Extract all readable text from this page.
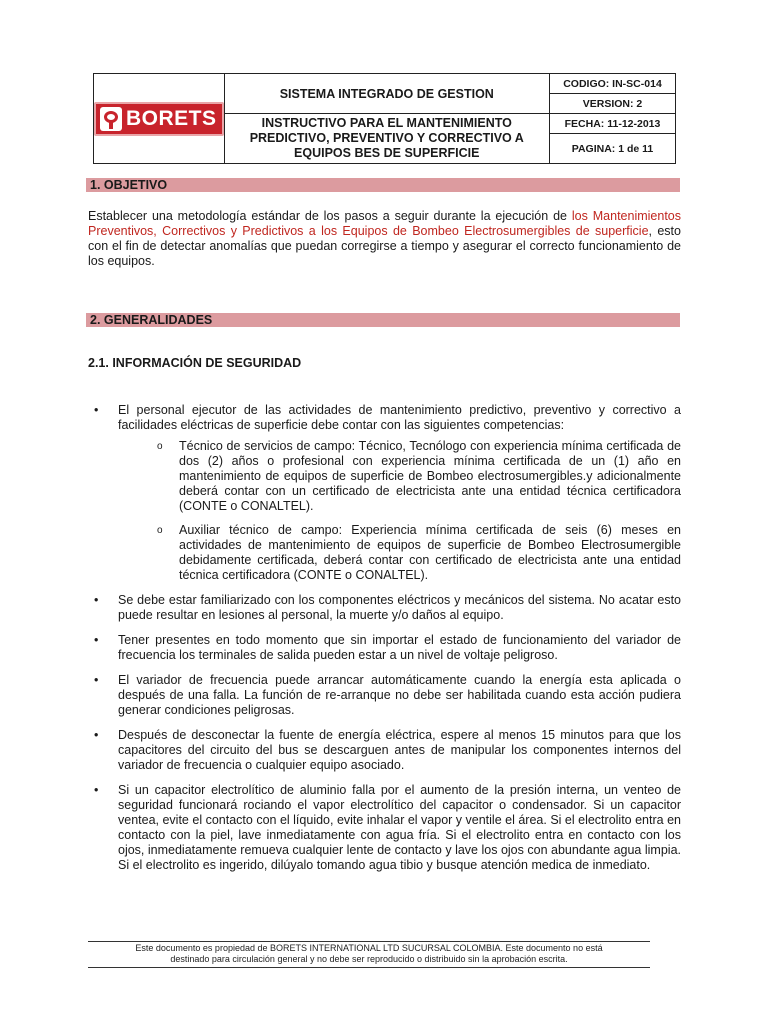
BORETS	SISTEMA INTEGRADO DE GESTION	CODIGO: IN-SC-014
		VERSION: 2
	INSTRUCTIVO PARA EL MANTENIMIENTO PREDICTIVO, PREVENTIVO Y CORRECTIVO A EQUIPOS BES DE SUPERFICIE	FECHA: 11-12-2013
		PAGINA: 1 de 11
1. OBJETIVO
Establecer una metodología estándar de los pasos a seguir durante la ejecución de los Mantenimientos Preventivos, Correctivos y Predictivos a los Equipos de Bombeo Electrosumergibles de superficie, esto con el fin de detectar anomalías que puedan corregirse a tiempo y asegurar el correcto funcionamiento de los equipos.
2. GENERALIDADES
2.1. INFORMACIÓN DE SEGURIDAD
• El personal ejecutor de las actividades de mantenimiento predictivo, preventivo y correctivo a facilidades eléctricas de superficie debe contar con las siguientes competencias:
o Técnico de servicios de campo: Técnico, Tecnólogo con experiencia mínima certificada de dos (2) años o profesional con experiencia mínima certificada de un (1) año en mantenimiento de equipos de superficie de Bombeo electrosumergibles.y adicionalmente deberá contar con un certificado de electricista ante una entidad técnica certificadora (CONTE o CONALTEL).
o Auxiliar técnico de campo: Experiencia mínima certificada de seis (6) meses en actividades de mantenimiento de equipos de superficie de Bombeo Electrosumergible debidamente certificada, deberá contar con certificado de electricista ante una entidad técnica certificadora (CONTE o CONALTEL).
• Se debe estar familiarizado con los componentes eléctricos y mecánicos del sistema. No acatar esto puede resultar en lesiones al personal, la muerte y/o daños al equipo.
• Tener presentes en todo momento que sin importar el estado de funcionamiento del variador de frecuencia los terminales de salida pueden estar a un nivel de voltaje peligroso.
• El variador de frecuencia puede arrancar automáticamente cuando la energía esta aplicada o después de una falla. La función de re-arranque no debe ser habilitada cuando esta acción pudiera generar condiciones peligrosas.
• Después de desconectar la fuente de energía eléctrica, espere al menos 15 minutos para que los capacitores del circuito del bus se descarguen antes de manipular los componentes internos del variador de frecuencia o cualquier equipo asociado.
• Si un capacitor electrolítico de aluminio falla por el aumento de la presión interna, un venteo de seguridad funcionará rociando el vapor electrolítico del capacitor o condensador. Si un capacitor ventea, evite el contacto con el líquido, evite inhalar el vapor y ventile el área. Si el electrolito entra en contacto con la piel, lave inmediatamente con agua fría. Si el electrolito entra en contacto con los ojos, inmediatamente remueva cualquier lente de contacto y lave los ojos con abundante agua limpia. Si el electrolito es ingerido, dilúyalo tomando agua tibio y busque atención medica de inmediato.
Este documento es propiedad de BORETS INTERNATIONAL LTD SUCURSAL COLOMBIA. Este documento no está
destinado para circulación general y no debe ser reproducido o distribuido sin la aprobación escrita.
